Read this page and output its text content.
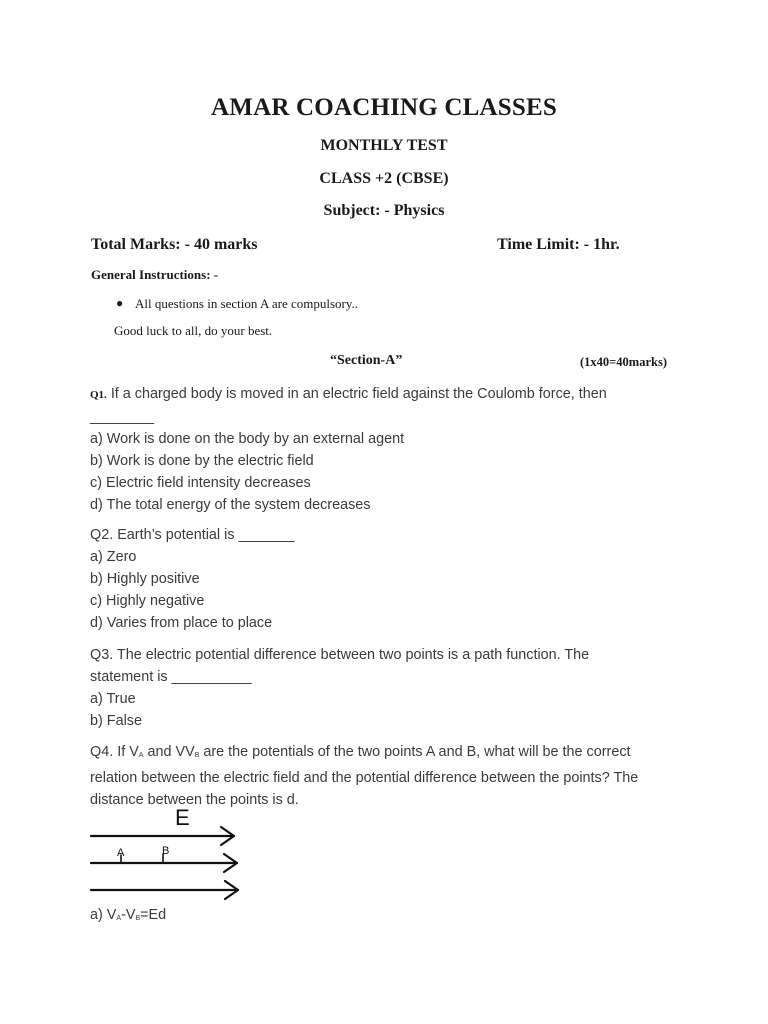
AMAR COACHING CLASSES
MONTHLY TEST
CLASS +2 (CBSE)
Subject: - Physics
Total Marks: - 40 marks	Time Limit: - 1hr.
General Instructions: -
● All questions in section A are compulsory..
Good luck to all, do your best.
“Section-A”	(1x40=40marks)
Q1. If a charged body is moved in an electric field against the Coulomb force, then
________
a) Work is done on the body by an external agent
b) Work is done by the electric field
c) Electric field intensity decreases
d) The total energy of the system decreases
Q2. Earth’s potential is _______
a) Zero
b) Highly positive
c) Highly negative
d) Varies from place to place
Q3. The electric potential difference between two points is a path function. The
statement is __________
a) True
b) False
Q4. If VA and VVB are the potentials of the two points A and B, what will be the correct
relation between the electric field and the potential difference between the points? The
distance between the points is d.
E
A	B
a) VA-VB=Ed
